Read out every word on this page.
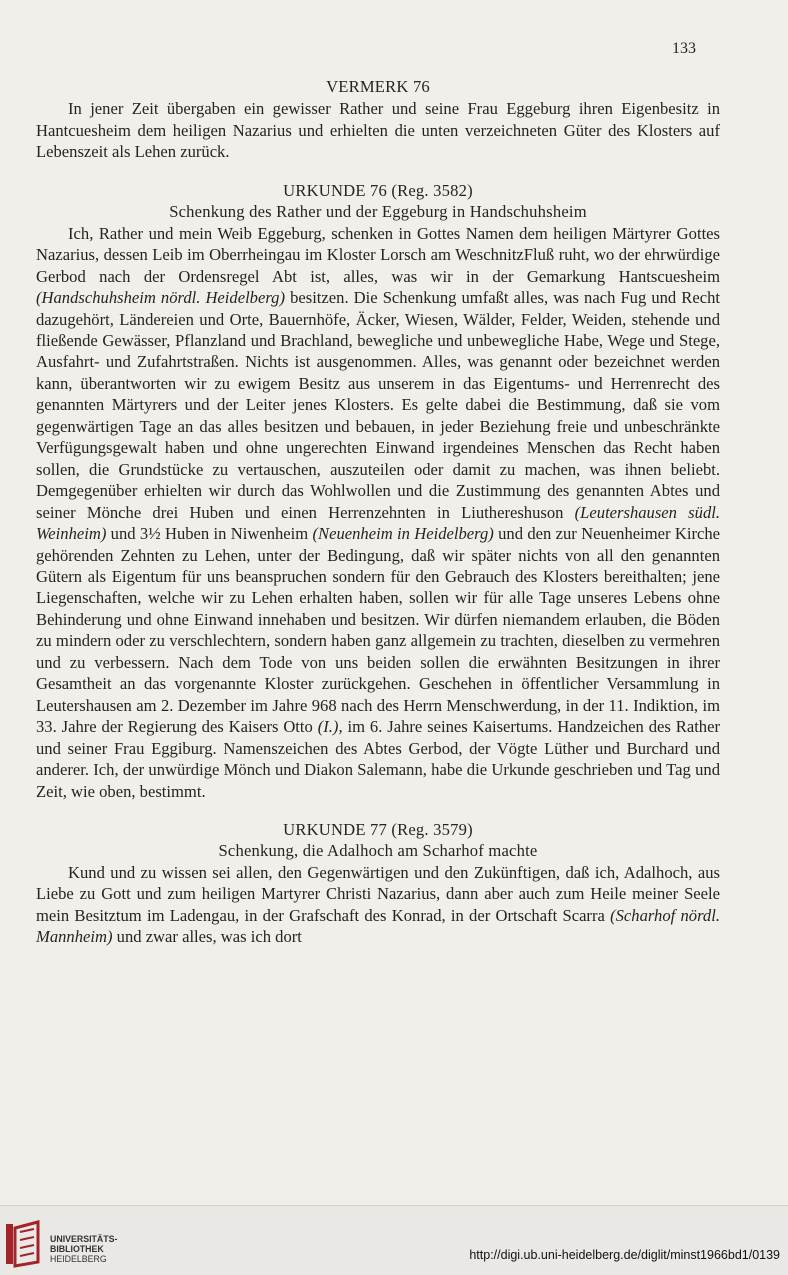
133
VERMERK 76

In jener Zeit übergaben ein gewisser Rather und seine Frau Eggeburg ihren Eigenbesitz in Hantcuesheim dem heiligen Nazarius und erhielten die unten verzeichneten Güter des Klosters auf Lebenszeit als Lehen zurück.

URKUNDE 76 (Reg. 3582)
Schenkung des Rather und der Eggeburg in Handschuhsheim

Ich, Rather und mein Weib Eggeburg, schenken in Gottes Namen dem heiligen Märtyrer Gottes Nazarius, dessen Leib im Oberrheingau im Kloster Lorsch am WeschnitzFluß ruht, wo der ehrwürdige Gerbod nach der Ordensregel Abt ist, alles, was wir in der Gemarkung Hantscuesheim (Handschuhsheim nördl. Heidelberg) besitzen. Die Schenkung umfaßt alles, was nach Fug und Recht dazugehört, Ländereien und Orte, Bauernhöfe, Äcker, Wiesen, Wälder, Felder, Weiden, stehende und fließende Gewässer, Pflanzland und Brachland, bewegliche und unbewegliche Habe, Wege und Stege, Ausfahrt- und Zufahrtstraßen. Nichts ist ausgenommen. Alles, was genannt oder bezeichnet werden kann, überantworten wir zu ewigem Besitz aus unserem in das Eigentums- und Herrenrecht des genannten Märtyrers und der Leiter jenes Klosters. Es gelte dabei die Bestimmung, daß sie vom gegenwärtigen Tage an das alles besitzen und bebauen, in jeder Beziehung freie und unbeschränkte Verfügungsgewalt haben und ohne ungerechten Einwand irgendeines Menschen das Recht haben sollen, die Grundstücke zu vertauschen, auszuteilen oder damit zu machen, was ihnen beliebt. Demgegenüber erhielten wir durch das Wohlwollen und die Zustimmung des genannten Abtes und seiner Mönche drei Huben und einen Herrenzehnten in Liuthereshuson (Leutershausen südl. Weinheim) und 3½ Huben in Niwenheim (Neuenheim in Heidelberg) und den zur Neuenheimer Kirche gehörenden Zehnten zu Lehen, unter der Bedingung, daß wir später nichts von all den genannten Gütern als Eigentum für uns beanspruchen sondern für den Gebrauch des Klosters bereithalten; jene Liegenschaften, welche wir zu Lehen erhalten haben, sollen wir für alle Tage unseres Lebens ohne Behinderung und ohne Einwand innehaben und besitzen. Wir dürfen niemandem erlauben, die Böden zu mindern oder zu verschlechtern, sondern haben ganz allgemein zu trachten, dieselben zu vermehren und zu verbessern. Nach dem Tode von uns beiden sollen die erwähnten Besitzungen in ihrer Gesamtheit an das vorgenannte Kloster zurückgehen. Geschehen in öffentlicher Versammlung in Leutershausen am 2. Dezember im Jahre 968 nach des Herrn Menschwerdung, in der 11. Indiktion, im 33. Jahre der Regierung des Kaisers Otto (I.), im 6. Jahre seines Kaisertums. Handzeichen des Rather und seiner Frau Eggiburg. Namenszeichen des Abtes Gerbod, der Vögte Lüther und Burchard und anderer. Ich, der unwürdige Mönch und Diakon Salemann, habe die Urkunde geschrieben und Tag und Zeit, wie oben, bestimmt.

URKUNDE 77 (Reg. 3579)
Schenkung, die Adalhoch am Scharhof machte

Kund und zu wissen sei allen, den Gegenwärtigen und den Zukünftigen, daß ich, Adalhoch, aus Liebe zu Gott und zum heiligen Martyrer Christi Nazarius, dann aber auch zum Heile meiner Seele mein Besitztum im Ladengau, in der Grafschaft des Konrad, in der Ortschaft Scarra (Scharhof nördl. Mannheim) und zwar alles, was ich dort

UNIVERSITÄTS-
BIBLIOTHEK
HEIDELBERG	http://digi.ub.uni-heidelberg.de/diglit/minst1966bd1/0139
